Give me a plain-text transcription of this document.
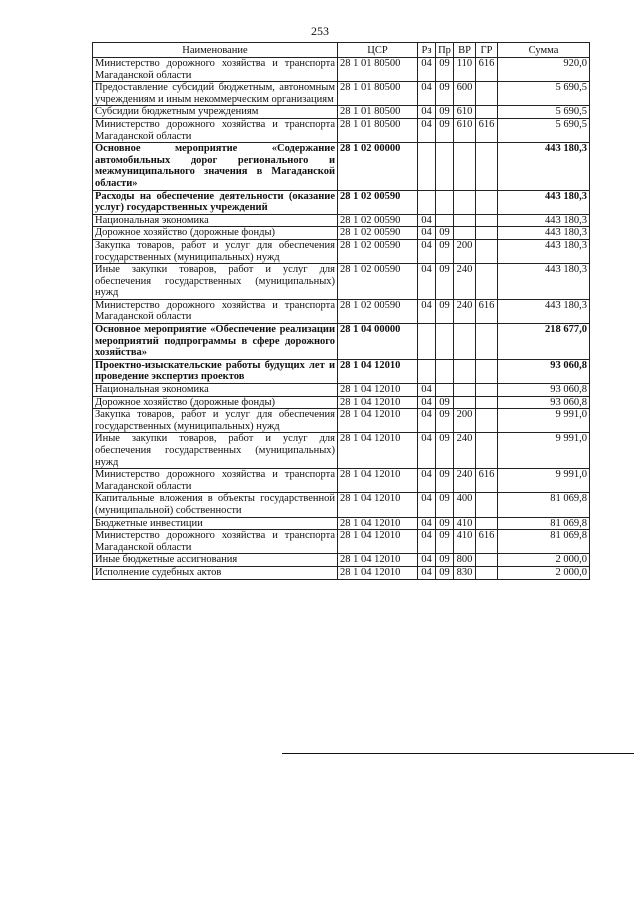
253
Наименование	ЦСР	Рз	Пр	ВР	ГР	Сумма
Министерство дорожного хозяйства и транспорта Магаданской области	28 1 01 80500	04	09	110	616	920,0
Предоставление субсидий бюджетным, автономным учреждениям и иным некоммерческим организациям	28 1 01 80500	04	09	600		5 690,5
Субсидии бюджетным учреждениям	28 1 01 80500	04	09	610		5 690,5
Министерство дорожного хозяйства и транспорта Магаданской области	28 1 01 80500	04	09	610	616	5 690,5
Основное мероприятие «Содержание автомобильных дорог регионального и межмуниципального значения в Магаданской области»	28 1 02 00000					443 180,3
Расходы на обеспечение деятельности (оказание услуг) государственных учреждений	28 1 02 00590					443 180,3
Национальная экономика	28 1 02 00590	04				443 180,3
Дорожное хозяйство (дорожные фонды)	28 1 02 00590	04	09			443 180,3
Закупка товаров, работ и услуг для обеспечения государственных (муниципальных) нужд	28 1 02 00590	04	09	200		443 180,3
Иные закупки товаров, работ и услуг для обеспечения государственных (муниципальных) нужд	28 1 02 00590	04	09	240		443 180,3
Министерство дорожного хозяйства и транспорта Магаданской области	28 1 02 00590	04	09	240	616	443 180,3
Основное мероприятие «Обеспечение реализации мероприятий подпрограммы в сфере дорожного хозяйства»	28 1 04 00000					218 677,0
Проектно-изыскательские работы будущих лет и проведение экспертиз проектов	28 1 04 12010					93 060,8
Национальная экономика	28 1 04 12010	04				93 060,8
Дорожное хозяйство (дорожные фонды)	28 1 04 12010	04	09			93 060,8
Закупка товаров, работ и услуг для обеспечения государственных (муниципальных) нужд	28 1 04 12010	04	09	200		9 991,0
Иные закупки товаров, работ и услуг для обеспечения государственных (муниципальных) нужд	28 1 04 12010	04	09	240		9 991,0
Министерство дорожного хозяйства и транспорта Магаданской области	28 1 04 12010	04	09	240	616	9 991,0
Капитальные вложения в объекты государственной (муниципальной) собственности	28 1 04 12010	04	09	400		81 069,8
Бюджетные инвестиции	28 1 04 12010	04	09	410		81 069,8
Министерство дорожного хозяйства и транспорта Магаданской области	28 1 04 12010	04	09	410	616	81 069,8
Иные бюджетные ассигнования	28 1 04 12010	04	09	800		2 000,0
Исполнение судебных актов	28 1 04 12010	04	09	830		2 000,0
